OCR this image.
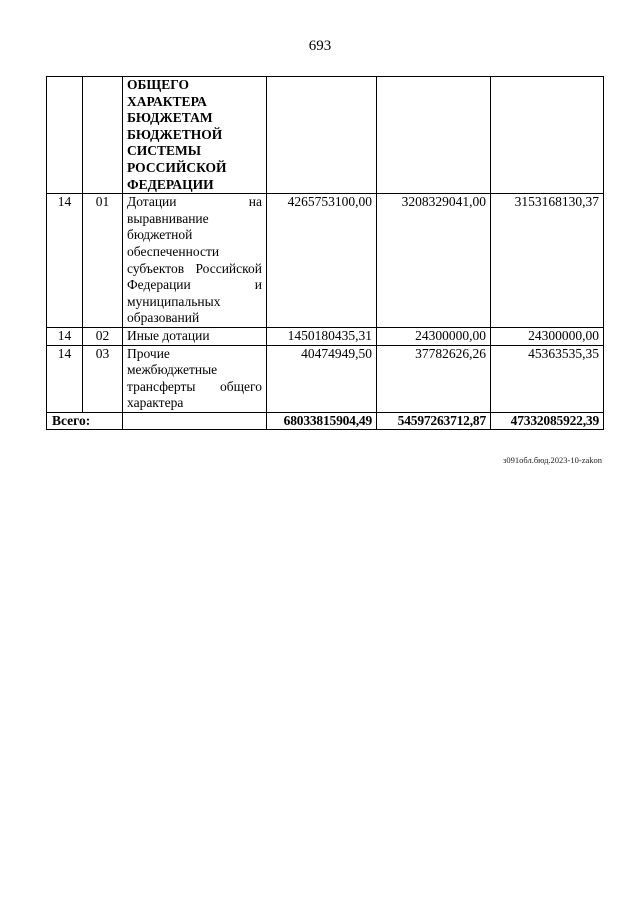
693
		ОБЩЕГО ХАРАКТЕРА БЮДЖЕТАМ БЮДЖЕТНОЙ СИСТЕМЫ РОССИЙСКОЙ ФЕДЕРАЦИИ			
14	01	Дотации на выравнивание бюджетной обеспеченности субъектов Российской Федерации и муниципальных образований	4265753100,00	3208329041,00	3153168130,37
14	02	Иные дотации	1450180435,31	24300000,00	24300000,00
14	03	Прочие межбюджетные трансферты общего характера	40474949,50	37782626,26	45363535,35
Всего:			68033815904,49	54597263712,87	47332085922,39
з091обл.бюд.2023-10-zakon
